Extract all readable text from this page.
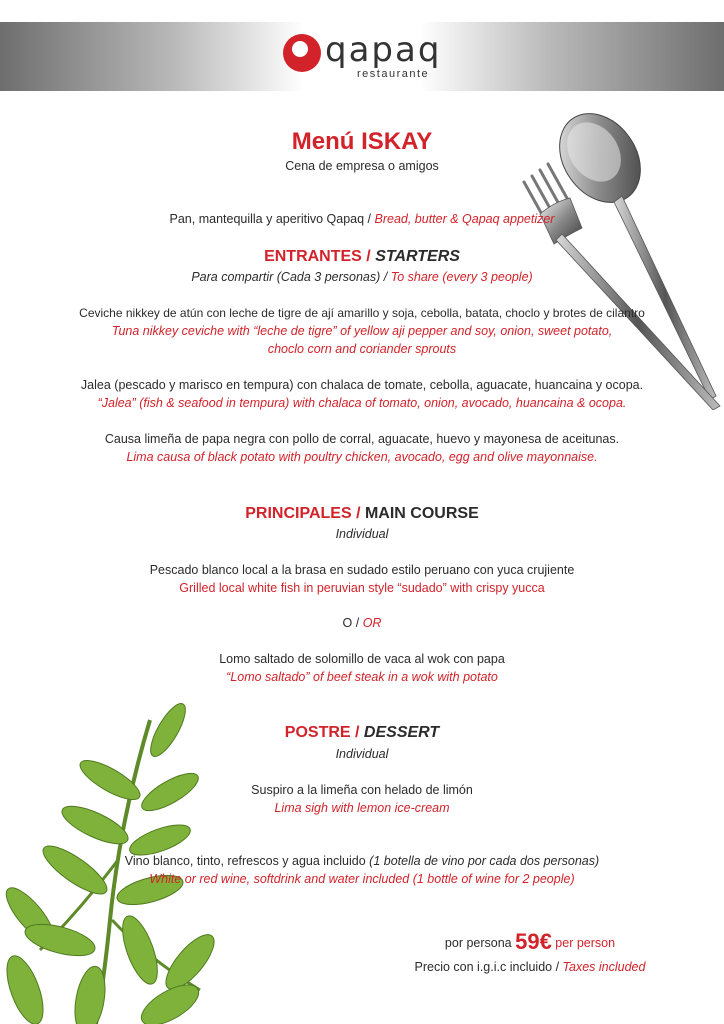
qapaq
restaurante
Menú ISKAY
Cena de empresa o amigos
Pan, mantequilla y aperitivo Qapaq / Bread, butter & Qapaq appetizer
ENTRANTES / STARTERS
Para compartir (Cada 3 personas) / To share (every 3 people)
Ceviche nikkey de atún con leche de tigre de ají amarillo y soja, cebolla, batata, choclo y brotes de cilantro
Tuna nikkey ceviche with “leche de tigre” of yellow aji pepper and soy, onion, sweet potato,
choclo corn and coriander sprouts
Jalea (pescado y marisco en tempura) con chalaca de tomate, cebolla, aguacate, huancaina y ocopa.
“Jalea” (fish & seafood in tempura) with chalaca of tomato, onion, avocado, huancaina & ocopa.
Causa limeña de papa negra con pollo de corral, aguacate, huevo y mayonesa de aceitunas.
Lima causa of black potato with poultry chicken, avocado, egg and olive mayonnaise.
PRINCIPALES / MAIN COURSE
Individual
Pescado blanco local a la brasa en sudado estilo peruano con yuca crujiente
Grilled local white fish in peruvian style “sudado” with crispy yucca
O / OR
Lomo saltado de solomillo de vaca al wok con papa
“Lomo saltado” of beef steak in a wok with potato
POSTRE / DESSERT
Individual
Suspiro a la limeña con helado de limón
Lima sigh with lemon ice-cream
Vino blanco, tinto, refrescos y agua incluido (1 botella de vino por cada dos personas)
White or red wine, softdrink and water included (1 bottle of wine for 2 people)
por persona 59€ per person
Precio con i.g.i.c incluido / Taxes included
